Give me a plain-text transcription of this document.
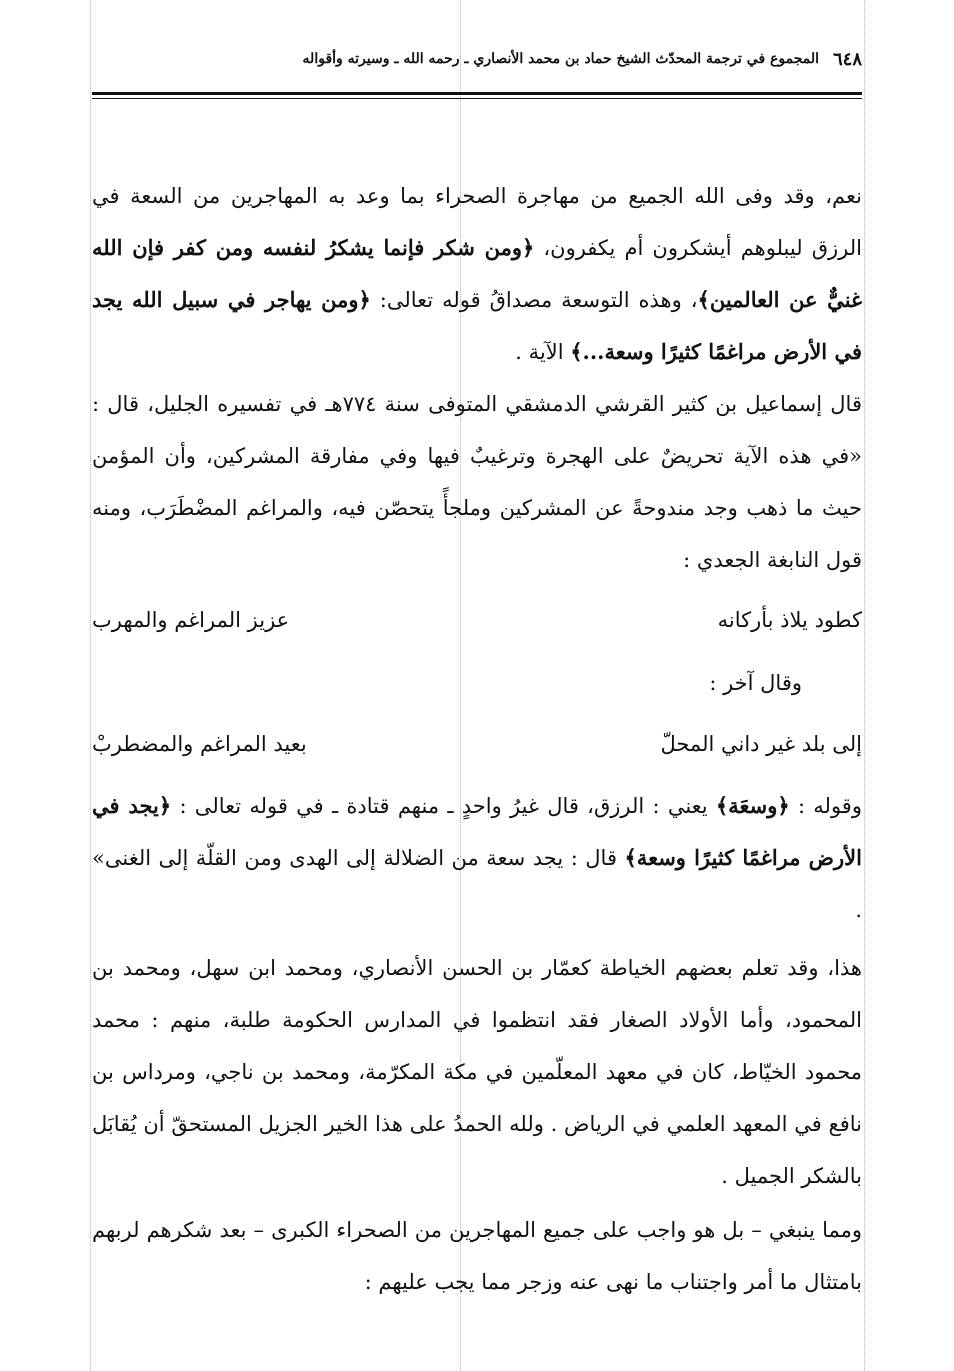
٦٤٨
المجموع في ترجمة المحدّث الشيخ حماد بن محمد الأنصاري ـ رحمه الله ـ وسيرته وأقواله
نعم، وقد وفى الله الجميع من مهاجرة الصحراء بما وعد به المهاجرين من السعة في الرزق ليبلوهم أيشكرون أم يكفرون، ﴿ومن شكر فإنما يشكرُ لنفسه ومن كفر فإن الله غنيٌّ عن العالمين﴾، وهذه التوسعة مصداقُ قوله تعالى: ﴿ومن يهاجر في سبيل الله يجد في الأرض مراغمًا كثيرًا وسعة...﴾ الآية .
قال إسماعيل بن كثير القرشي الدمشقي المتوفى سنة ٧٧٤هـ في تفسيره الجليل، قال : «في هذه الآية تحريضٌ على الهجرة وترغيبٌ فيها وفي مفارقة المشركين، وأن المؤمن حيث ما ذهب وجد مندوحةً عن المشركين وملجأً يتحصّن فيه، والمراغم المضْطَرَب، ومنه قول النابغة الجعدي :
كطود يلاذ بأركانه
عزيز المراغم والمهرب
وقال آخر :
إلى بلد غير داني المحلّ
بعيد المراغم والمضطربْ
وقوله : ﴿وسعَة﴾ يعني : الرزق، قال غيرُ واحدٍ ـ منهم قتادة ـ في قوله تعالى : ﴿يجد في الأرض مراغمًا كثيرًا وسعة﴾ قال : يجد سعة من الضلالة إلى الهدى ومن القلّة إلى الغنى» .
هذا، وقد تعلم بعضهم الخياطة كعمّار بن الحسن الأنصاري، ومحمد ابن سهل، ومحمد بن المحمود، وأما الأولاد الصغار فقد انتظموا في المدارس الحكومة طلبة، منهم : محمد محمود الخيّاط، كان في معهد المعلّمين في مكة المكرّمة، ومحمد بن ناجي، ومرداس بن نافع في المعهد العلمي في الرياض . ولله الحمدُ على هذا الخير الجزيل المستحقّ أن يُقابَل بالشكر الجميل .
ومما ينبغي – بل هو واجب على جميع المهاجرين من الصحراء الكبرى – بعد شكرهم لربهم بامتثال ما أمر واجتناب ما نهى عنه وزجر مما يجب عليهم :
